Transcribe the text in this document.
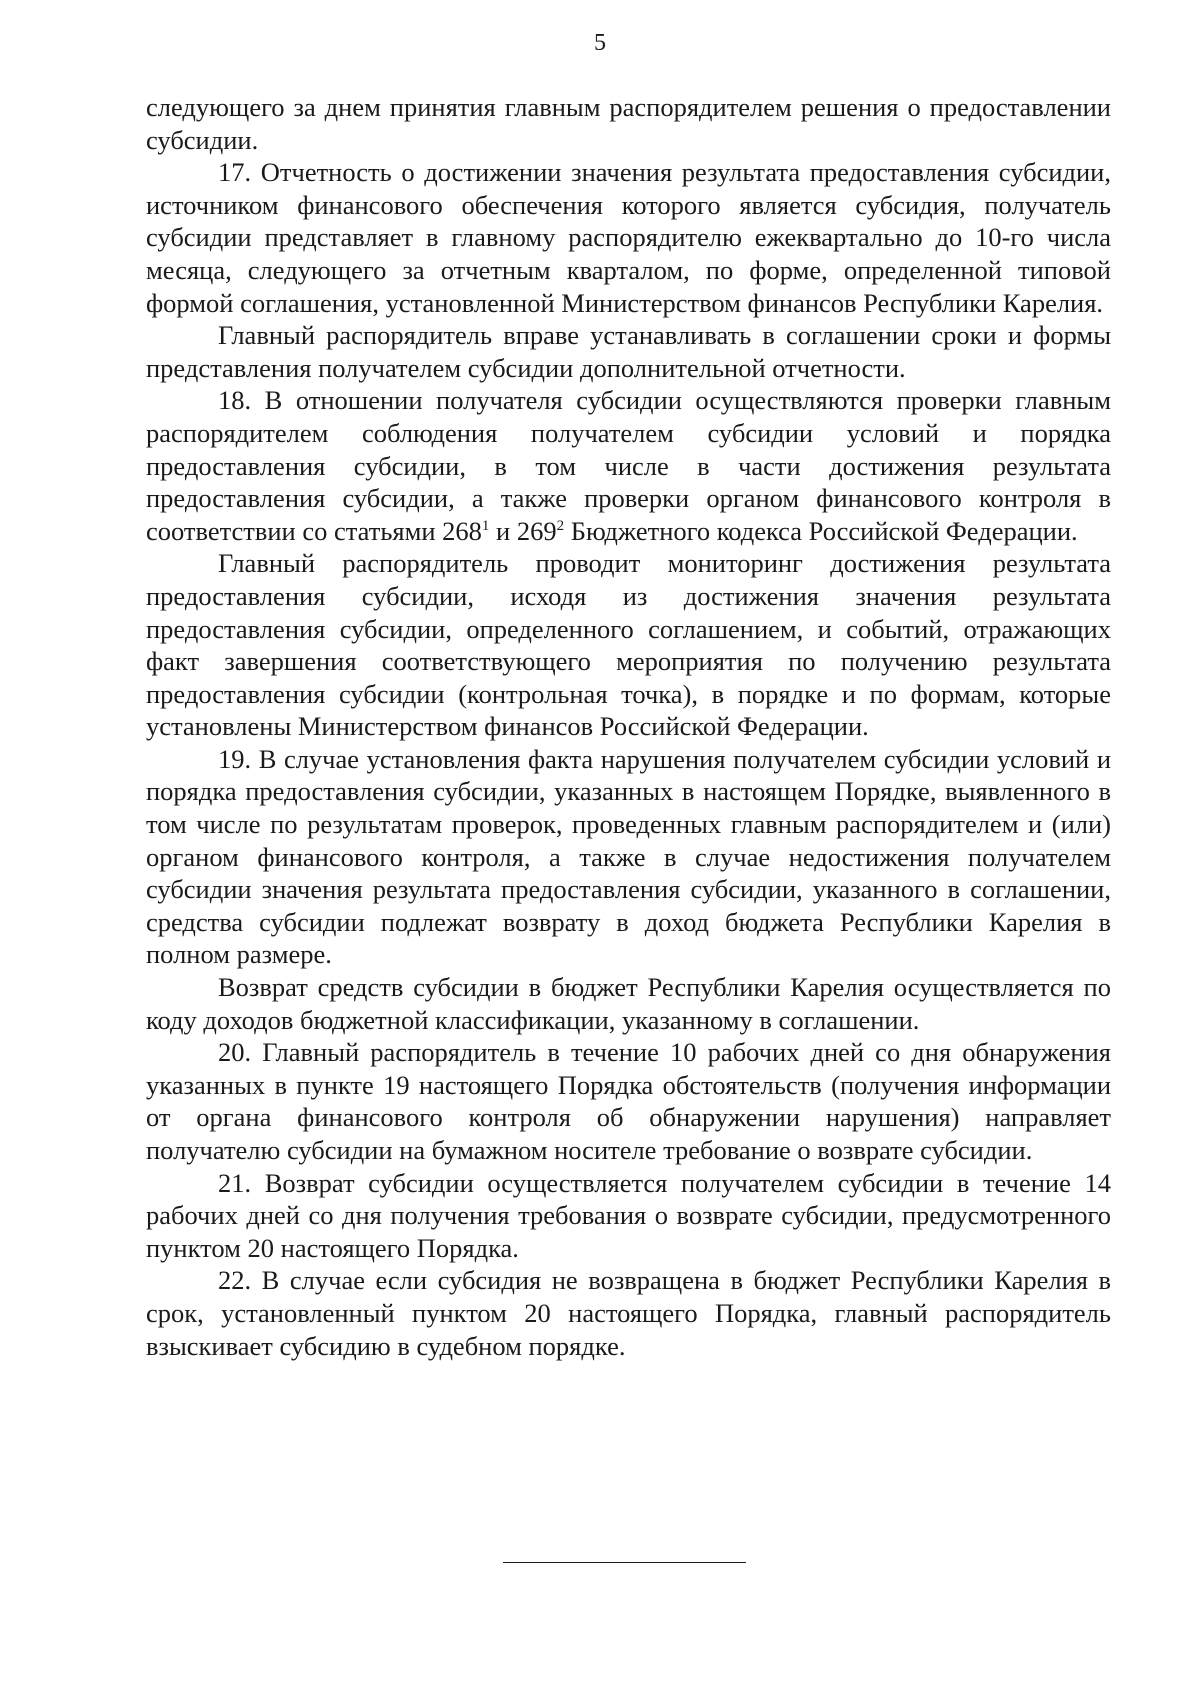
5

следующего за днем принятия главным распорядителем решения о предоставлении субсидии.

17. Отчетность о достижении значения результата предоставления субсидии, источником финансового обеспечения которого является субсидия, получатель субсидии представляет в главному распорядителю ежеквартально до 10-го числа месяца, следующего за отчетным кварталом, по форме, определенной типовой формой соглашения, установленной Министерством финансов Республики Карелия.

Главный распорядитель вправе устанавливать в соглашении сроки и формы представления получателем субсидии дополнительной отчетности.

18. В отношении получателя субсидии осуществляются проверки главным распорядителем соблюдения получателем субсидии условий и порядка предоставления субсидии, в том числе в части достижения результата предоставления субсидии, а также проверки органом финансового контроля в соответствии со статьями $268^1$ и $269^2$ Бюджетного кодекса Российской Федерации.

Главный распорядитель проводит мониторинг достижения результата предоставления субсидии, исходя из достижения значения результата предоставления субсидии, определенного соглашением, и событий, отражающих факт завершения соответствующего мероприятия по получению результата предоставления субсидии (контрольная точка), в порядке и по формам, которые установлены Министерством финансов Российской Федерации.

19. В случае установления факта нарушения получателем субсидии условий и порядка предоставления субсидии, указанных в настоящем Порядке, выявленного в том числе по результатам проверок, проведенных главным распорядителем и (или) органом финансового контроля, а также в случае недостижения получателем субсидии значения результата предоставления субсидии, указанного в соглашении, средства субсидии подлежат возврату в доход бюджета Республики Карелия в полном размере.

Возврат средств субсидии в бюджет Республики Карелия осуществляется по коду доходов бюджетной классификации, указанному в соглашении.

20. Главный распорядитель в течение 10 рабочих дней со дня обнаружения указанных в пункте 19 настоящего Порядка обстоятельств (получения информации от органа финансового контроля об обнаружении нарушения) направляет получателю субсидии на бумажном носителе требование о возврате субсидии.

21. Возврат субсидии осуществляется получателем субсидии в течение 14 рабочих дней со дня получения требования о возврате субсидии, предусмотренного пунктом 20 настоящего Порядка.

22. В случае если субсидия не возвращена в бюджет Республики Карелия в срок, установленный пунктом 20 настоящего Порядка, главный распорядитель взыскивает субсидию в судебном порядке.
